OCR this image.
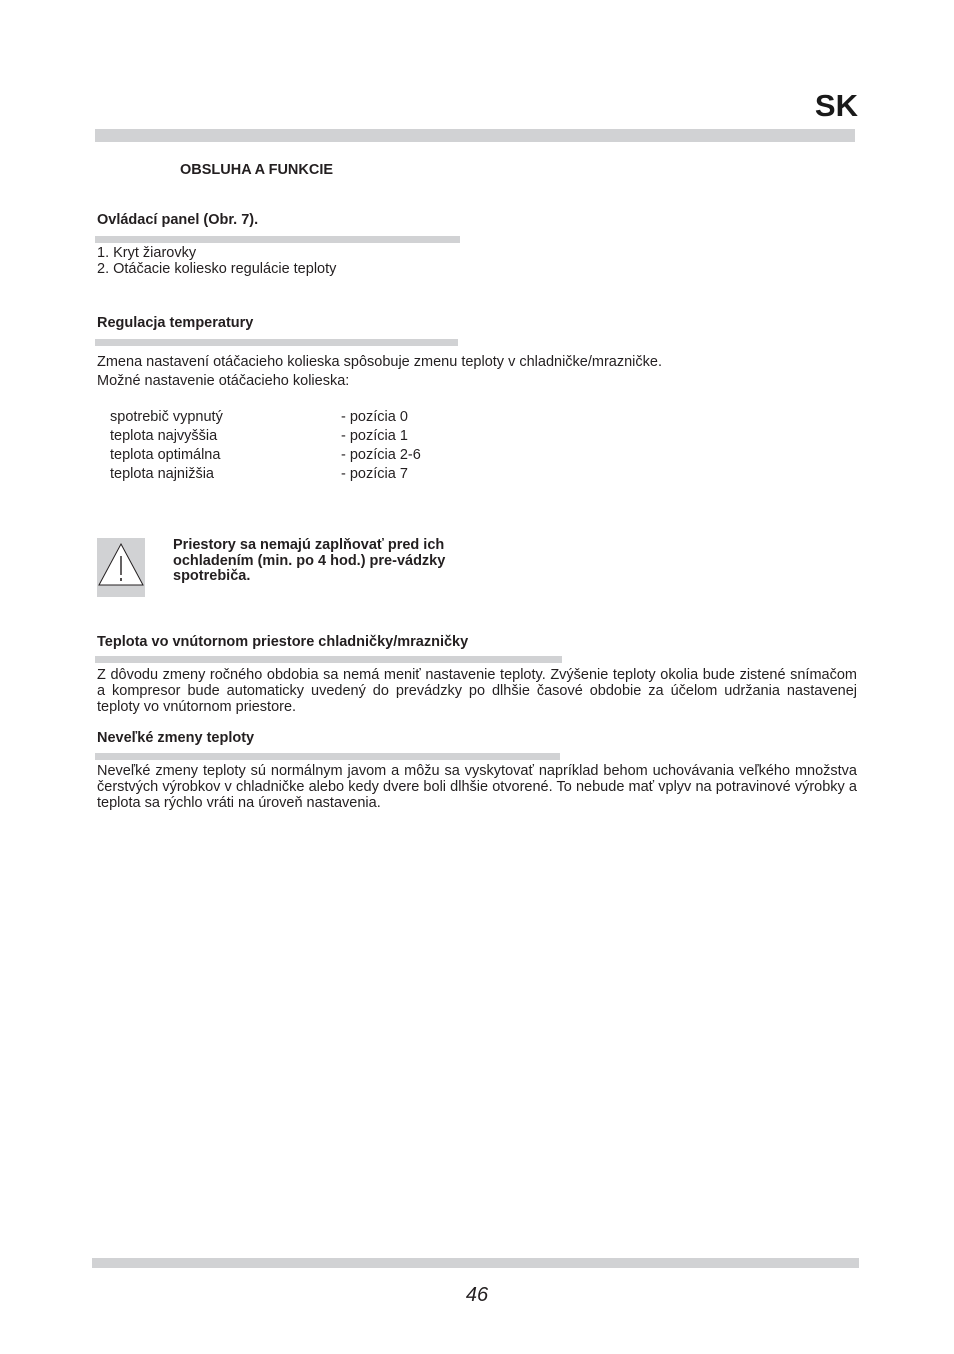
SK
OBSLUHA A FUNKCIE
Ovládací panel (Obr. 7).
1. Kryt žiarovky
2. Otáčacie koliesko regulácie teploty
Regulacja temperatury
Zmena nastavení otáčacieho kolieska spôsobuje zmenu teploty v chladničke/mrazničke.
Možné nastavenie otáčacieho kolieska:
spotrebič vypnutý	- pozícia 0
teplota najvyššia	- pozícia 1
teplota optimálna	- pozícia 2-6
teplota najnižšia	- pozícia 7
Priestory sa nemajú zaplňovať pred ich ochladením (min. po 4 hod.) pre-vádzky spotrebiča.
Teplota vo vnútornom priestore chladničky/mrazničky
Z dôvodu zmeny ročného obdobia sa nemá meniť nastavenie teploty. Zvýšenie teploty okolia bude zistené snímačom a kompresor bude automaticky uvedený do prevádzky po dlhšie časové obdobie za účelom udržania nastavenej teploty vo vnútornom priestore.
Nevеľké zmeny teploty
Nevеľké zmeny teploty sú normálnym javom a môžu sa vyskytovať napríklad behom uchovávania veľkého množstva čerstvých výrobkov v chladničke alebo kedy dvere boli dlhšie otvorené. To nebude mať vplyv na potravinové výrobky a teplota sa rýchlo vráti na úroveň nastavenia.
46
